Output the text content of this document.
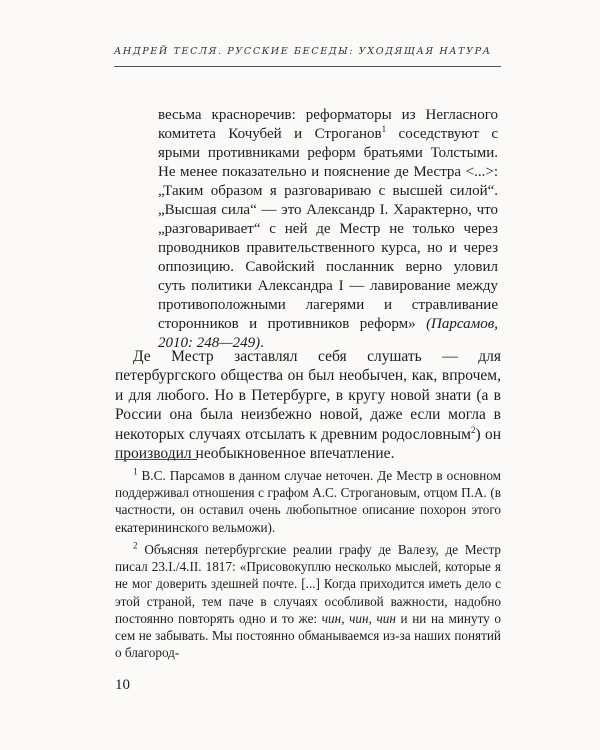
АНДРЕЙ ТЕСЛЯ. РУССКИЕ БЕСЕДЫ: УХОДЯЩАЯ НАТУРА

весьма красноречив: реформаторы из Негласного комитета Кочубей и Строганов$^1$ соседствуют с ярыми противниками реформ братьями Толстыми. Не менее показательно и пояснение де Местра <...>: „Таким образом я разговариваю с высшей силой“. „Высшая сила“ — это Александр I. Характерно, что „разговаривает“ с ней де Местр не только через проводников правительственного курса, но и через оппозицию. Савойский посланник верно уловил суть политики Александра I — лавирование между противоположными лагерями и стравливание сторонников и противников реформ» (Парсамов, 2010: 248—249).

Де Местр заставлял себя слушать — для петербургского общества он был необычен, как, впрочем, и для любого. Но в Петербурге, в кругу новой знати (а в России она была неизбежно новой, даже если могла в некоторых случаях отсылать к древним родословным$^2$) он производил необыкновенное впечатление.
$^1$ В.С. Парсамов в данном случае неточен. Де Местр в основном поддерживал отношения с графом А.С. Строгановым, отцом П.А. (в частности, он оставил очень любопытное описание похорон этого екатерининского вельможи).
$^2$ Объясняя петербургские реалии графу де Валезу, де Местр писал 23.I./4.II. 1817: «Присовокуплю несколько мыслей, которые я не мог доверить здешней почте. [...] Когда приходится иметь дело с этой страной, тем паче в случаях особливой важности, надобно постоянно повторять одно и то же: чин, чин, чин и ни на минуту о сем не забывать. Мы постоянно обманываемся из-за наших понятий о благород-
10
